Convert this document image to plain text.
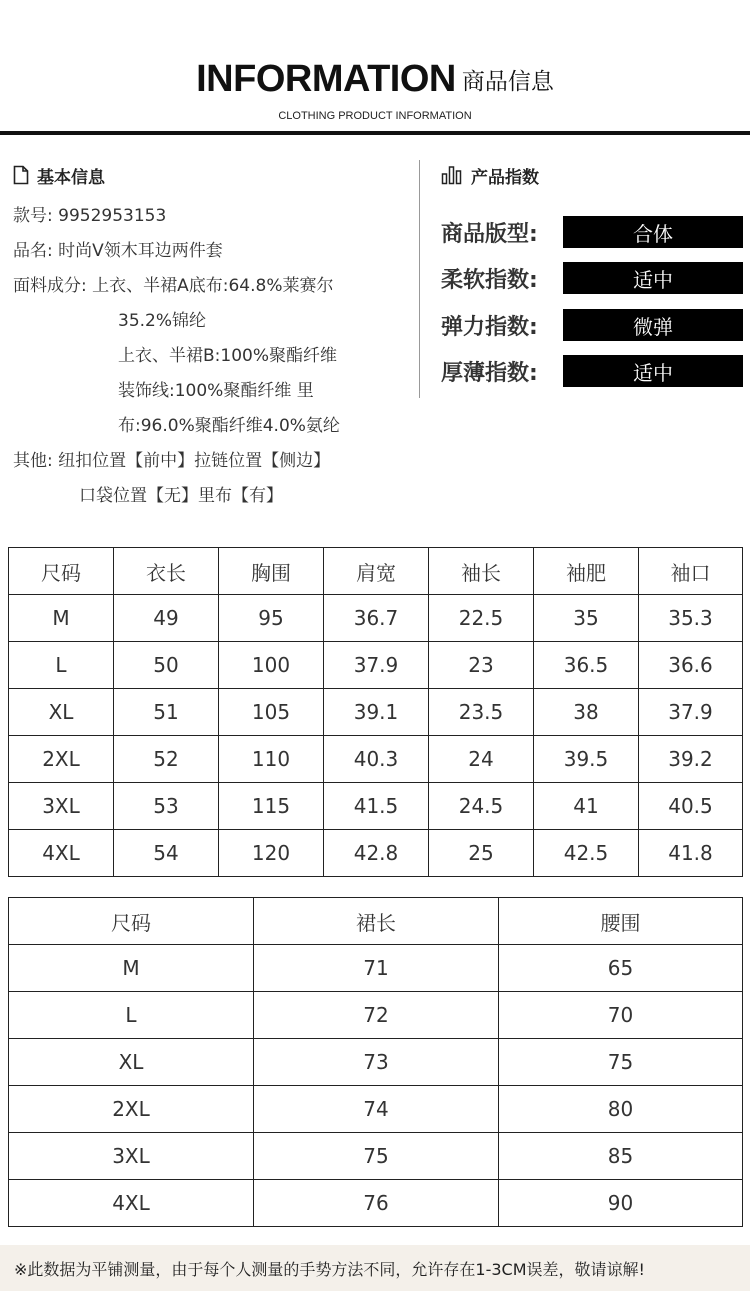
INFORMATION 商品信息
CLOTHING PRODUCT INFORMATION
基本信息
款号: 9952953153
品名: 时尚V领木耳边两件套
面料成分: 上衣、半裙A底布:64.8%莱赛尔
35.2%锦纶
上衣、半裙B:100%聚酯纤维
装饰线:100%聚酯纤维 里
布:96.0%聚酯纤维4.0%氨纶
其他: 纽扣位置【前中】拉链位置【侧边】
口袋位置【无】里布【有】
产品指数
商品版型:	合体
柔软指数:	适中
弹力指数:	微弹
厚薄指数:	适中
尺码	衣长	胸围	肩宽	袖长	袖肥	袖口
M	49	95	36.7	22.5	35	35.3
L	50	100	37.9	23	36.5	36.6
XL	51	105	39.1	23.5	38	37.9
2XL	52	110	40.3	24	39.5	39.2
3XL	53	115	41.5	24.5	41	40.5
4XL	54	120	42.8	25	42.5	41.8
尺码	裙长	腰围
M	71	65
L	72	70
XL	73	75
2XL	74	80
3XL	75	85
4XL	76	90
※此数据为平铺测量，由于每个人测量的手势方法不同，允许存在1-3CM误差，敬请谅解!
